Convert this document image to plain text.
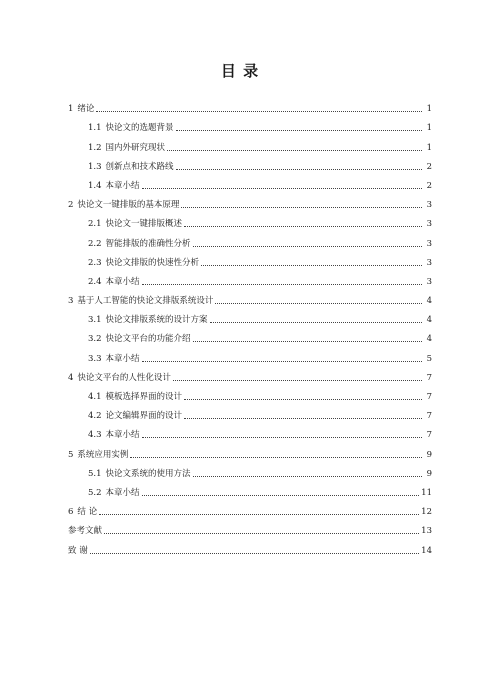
目 录
1 绪论	1
1.1 快论文的选题背景	1
1.2 国内外研究现状	1
1.3 创新点和技术路线	2
1.4 本章小结	2
2 快论文一键排版的基本原理	3
2.1 快论文一键排版概述	3
2.2 智能排版的准确性分析	3
2.3 快论文排版的快速性分析	3
2.4 本章小结	3
3 基于人工智能的快论文排版系统设计	4
3.1 快论文排版系统的设计方案	4
3.2 快论文平台的功能介绍	4
3.3 本章小结	5
4 快论文平台的人性化设计	7
4.1 模板选择界面的设计	7
4.2 论文编辑界面的设计	7
4.3 本章小结	7
5 系统应用实例	9
5.1 快论文系统的使用方法	9
5.2 本章小结	11
6 结 论	12
参考文献	13
致 谢	14
